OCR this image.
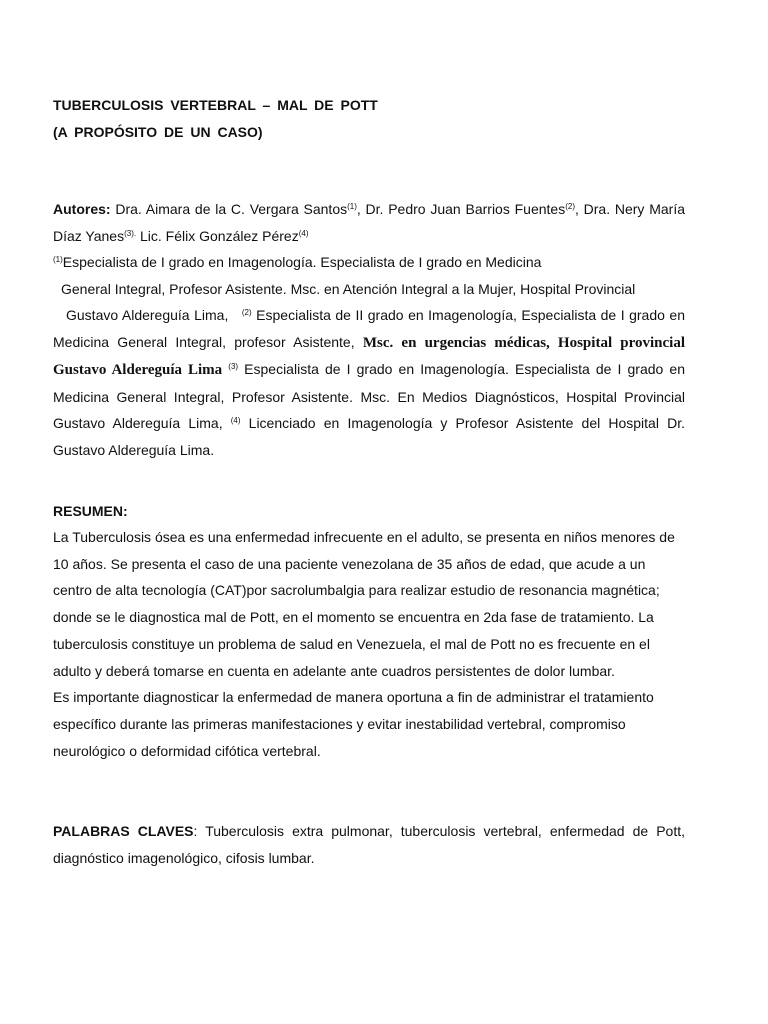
TUBERCULOSIS VERTEBRAL – MAL DE POTT
(A PROPÓSITO DE UN CASO)
Autores: Dra. Aimara de la C. Vergara Santos$^{(1)}$, Dr. Pedro Juan Barrios Fuentes$^{(2)}$, Dra. Nery María Díaz Yanes$^{(3).}$ Lic. Félix González Pérez$^{(4)}$
$^{(1)}$Especialista de I grado en Imagenología. Especialista de I grado en Medicina
General Integral, Profesor Asistente. Msc. en Atención Integral a la Mujer, Hospital Provincial
Gustavo Aldereguía Lima, $^{(2)}$ Especialista de II grado en Imagenología, Especialista de I grado en Medicina General Integral, profesor Asistente, Msc. en urgencias médicas, Hospital provincial Gustavo Aldereguía Lima $^{(3)}$ Especialista de I grado en Imagenología. Especialista de I grado en Medicina General Integral, Profesor Asistente. Msc. En Medios Diagnósticos, Hospital Provincial Gustavo Aldereguía Lima, $^{(4)}$ Licenciado en Imagenología y Profesor Asistente del Hospital Dr. Gustavo Aldereguía Lima.
RESUMEN:

La Tuberculosis ósea es una enfermedad infrecuente en el adulto, se presenta en niños menores de 10 años. Se presenta el caso de una paciente venezolana de 35 años de edad, que acude a un centro de alta tecnología (CAT)por sacrolumbalgia para realizar estudio de resonancia magnética; donde se le diagnostica mal de Pott, en el momento se encuentra en 2da fase de tratamiento. La tuberculosis constituye un problema de salud en Venezuela, el mal de Pott no es frecuente en el adulto y deberá tomarse en cuenta en adelante ante cuadros persistentes de dolor lumbar.

Es importante diagnosticar la enfermedad de manera oportuna a fin de administrar el tratamiento específico durante las primeras manifestaciones y evitar inestabilidad vertebral, compromiso neurológico o deformidad cifótica vertebral.

PALABRAS CLAVES: Tuberculosis extra pulmonar, tuberculosis vertebral, enfermedad de Pott, diagnóstico imagenológico, cifosis lumbar.
